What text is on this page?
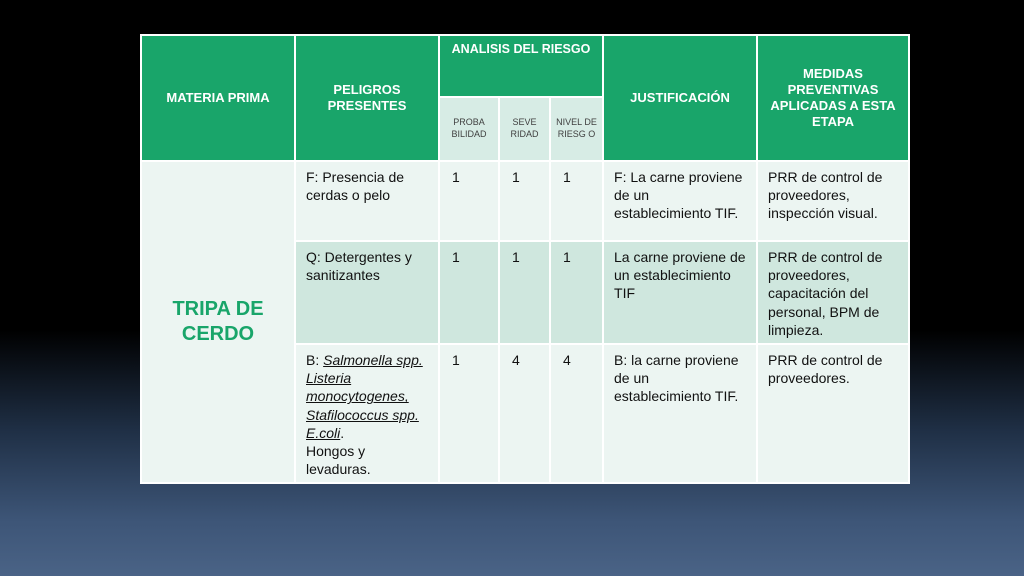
MATERIA PRIMA	PELIGROS PRESENTES	ANALISIS DEL RIESGO			JUSTIFICACIÓN	MEDIDAS PREVENTIVAS APLICADAS A ESTA ETAPA
		PROBA BILIDAD	SEVE RIDAD	NIVEL DE RIESG O		
TRIPA DE CERDO	F: Presencia de cerdas o pelo	1	1	1	F: La carne proviene de un establecimiento TIF.	PRR de control de proveedores, inspección visual.
	Q: Detergentes y sanitizantes	1	1	1	La carne proviene de un establecimiento TIF	PRR de control de proveedores, capacitación del personal, BPM de limpieza.
	B: Salmonella spp.
Listeria monocytogenes,
Stafilococcus spp.
E.coli.
Hongos y levaduras.	1	4	4	B: la carne proviene de un establecimiento TIF.	PRR de control de proveedores.
